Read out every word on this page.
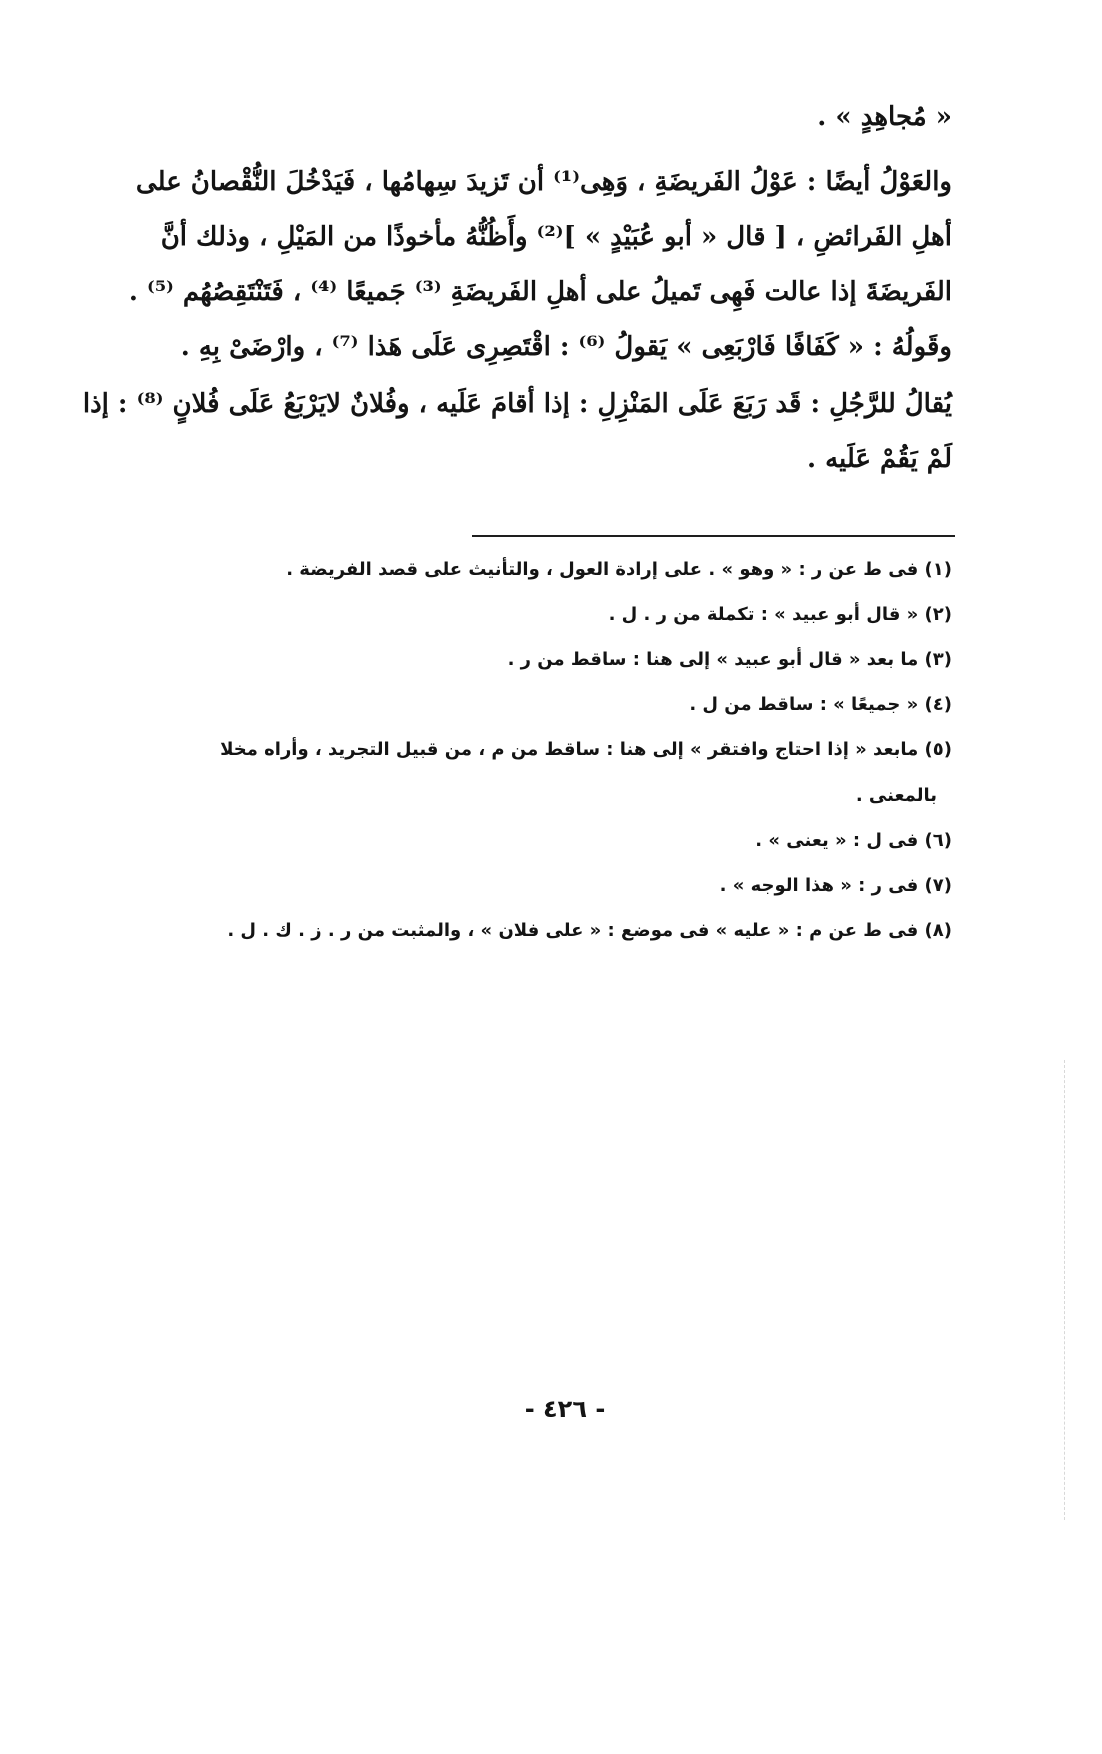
« مُجاهِدٍ » .
والعَوْلُ أيضًا : عَوْلُ الفَريضَةِ ، وَهِى⁽¹⁾ أن تَزيدَ سِهامُها ، فَيَدْخُلَ النُّقْصانُ على
أهلِ الفَرائضِ ، [ قال « أبو عُبَيْدٍ » ]⁽²⁾ وأَظُنُّهُ مأخوذًا من المَيْلِ ، وذلك أنَّ
الفَريضَةَ إذا عالت فَهِى تَميلُ على أهلِ الفَريضَةِ ⁽³⁾ جَميعًا ⁽⁴⁾ ، فَتَنْتَقِصُهُم ⁽⁵⁾ .
وقَولُهُ : « كَفَافًا فَارْبَعِى » يَقولُ ⁽⁶⁾ : اقْتَصِرِى عَلَى هَذا ⁽⁷⁾ ، وارْضَىْ بِهِ .
يُقالُ للرَّجُلِ : قَد رَبَعَ عَلَى المَنْزِلِ : إذا أقامَ عَلَيه ، وفُلانٌ لايَرْبَعُ عَلَى فُلانٍ ⁽⁸⁾ : إذا
لَمْ يَقُمْ عَلَيه .
(١) فى ط عن ر : « وهو » . على إرادة العول ، والتأنيث على قصد الفريضة .
(٢) « قال أبو عبيد » : تكملة من ر . ل .
(٣) ما بعد « قال أبو عبيد » إلى هنا : ساقط من ر .
(٤) « جميعًا » : ساقط من ل .
(٥) مابعد « إذا احتاج وافتقر » إلى هنا : ساقط من م ، من قبيل التجريد ، وأراه مخلا
بالمعنى .
(٦) فى ل : « يعنى » .
(٧) فى ر : « هذا الوجه » .
(٨) فى ط عن م : « عليه » فى موضع : « على فلان » ، والمثبت من ر . ز . ك . ل .
- ٤٢٦ -
